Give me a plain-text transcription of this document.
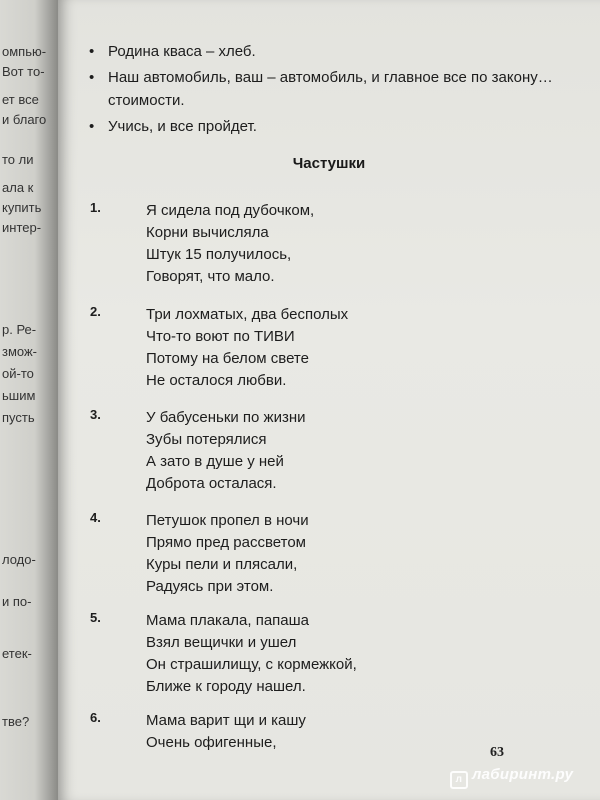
омпью-
Вот то-
ет все
и благо
то ли
ала к
купить
интер-
р. Ре-
змож-
ой-то
ьшим
пусть
лодо-
и по-
етек-
тве?
• Родина кваса – хлеб.
• Наш автомобиль, ваш – автомобиль, и главное все по закону… стоимости.
• Учись, и все пройдет.
Частушки
1.	Я сидела под дубочком,
Корни вычисляла
Штук 15 получилось,
Говорят, что мало.
2.	Три лохматых, два бесполых
Что-то воют по ТИВИ
Потому на белом свете
Не осталося любви.
3.	У бабусеньки по жизни
Зубы потерялися
А зато в душе у ней
Доброта осталася.
4.	Петушок пропел в ночи
Прямо пред рассветом
Куры пели и плясали,
Радуясь при этом.
5.	Мама плакала, папаша
Взял вещички и ушел
Он страшилищу, с кормежкой,
Ближе к городу нашел.
6.	Мама варит щи и кашу
Очень офигенные,
63
л лабиринт.ру
